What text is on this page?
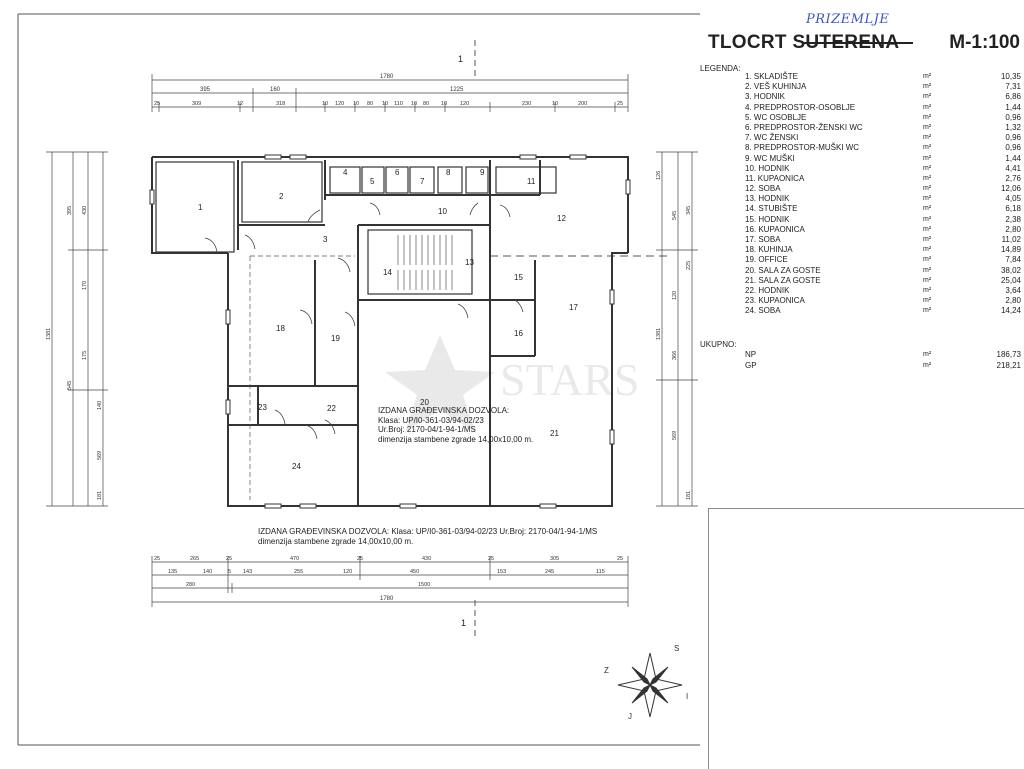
STARS
1
1
1780
395	160	1225
25	309	12	318	10 120 10 80 10 110 10 80 10 120	230	10	200	25
25	265	25	470	25	430	25	305	25
135	140	5 143	255	120	450	153	245	115
280	1500
1780
1381
395
545
170
430
140
569
175
181
126
545
345
120
225
366
181
569
1381
1
2
3
4
5
6
7
8	9
10
11
12
13
14
15
16
17
18
19
20
21
22
23
24
S
Z
I
J
IZDANA GRAĐEVINSKA DOZVOLA:
Klasa: UP/I0-361-03/94-02/23
Ur.Broj: 2170-04/1-94-1/MS
dimenzija stambene zgrade 14,00x10,00 m.
IZDANA GRAĐEVINSKA DOZVOLA: Klasa: UP/I0-361-03/94-02/23 Ur.Broj: 2170-04/1-94-1/MS
dimenzija stambene zgrade 14,00x10,00 m.
TLOCRT SUTERENA
PRIZEMLJE
M-1:100
LEGENDA:
1. SKLADIŠTE	m²	10,35
2. VEŠ KUHINJA	m²	7,31
3. HODNIK	m²	6,86
4. PREDPROSTOR-OSOBLJE	m²	1,44
5. WC OSOBLJE	m²	0,96
6. PREDPROSTOR-ŽENSKI WC	m²	1,32
7. WC ŽENSKI	m²	0,96
8. PREDPROSTOR-MUŠKI WC	m²	0,96
9. WC MUŠKI	m²	1,44
10. HODNIK	m²	4,41
11. KUPAONICA	m²	2,76
12. SOBA	m²	12,06
13. HODNIK	m²	4,05
14. STUBIŠTE	m²	6,18
15. HODNIK	m²	2,38
16. KUPAONICA	m²	2,80
17. SOBA	m²	11,02
18. KUHINJA	m²	14,89
19. OFFICE	m²	7,84
20. SALA ZA GOSTE	m²	38,02
21. SALA ZA GOSTE	m²	25,04
22. HODNIK	m²	3,64
23. KUPAONICA	m²	2,80
24. SOBA	m²	14,24
UKUPNO:
NP	m²	186,73
GP	m²	218,21
